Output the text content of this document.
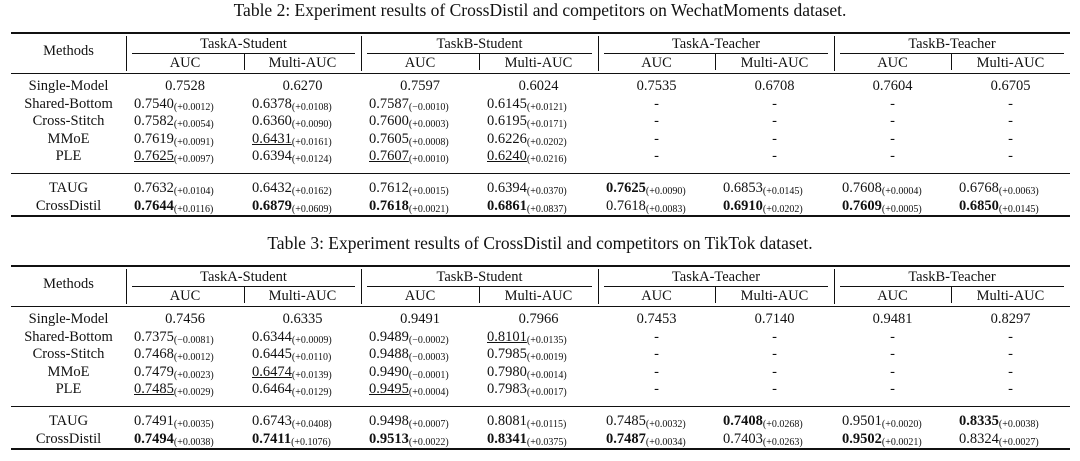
Table 2: Experiment results of CrossDistil and competitors on WechatMoments dataset.
Methods	TaskA-Student	TaskB-Student	TaskA-Teacher	TaskB-Teacher
AUC	Multi-AUC	AUC	Multi-AUC	AUC	Multi-AUC	AUC	Multi-AUC
Single-Model	0.7528	0.6270	0.7597	0.6024	0.7535	0.6708	0.7604	0.6705
Shared-Bottom	$0.7540_{(+0.0012)}$	$0.6378_{(+0.0108)}$	$0.7587_{(-0.0010)}$	$0.6145_{(+0.0121)}$	-	-	-	-
Cross-Stitch	$0.7582_{(+0.0054)}$	$0.6360_{(+0.0090)}$	$0.7600_{(+0.0003)}$	$0.6195_{(+0.0171)}$	-	-	-	-
MMoE	$0.7619_{(+0.0091)}$	$0.6431_{(+0.0161)}$	$0.7605_{(+0.0008)}$	$0.6226_{(+0.0202)}$	-	-	-	-
PLE	$0.7625_{(+0.0097)}$	$0.6394_{(+0.0124)}$	$0.7607_{(+0.0010)}$	$0.6240_{(+0.0216)}$	-	-	-	-
TAUG	$0.7632_{(+0.0104)}$	$0.6432_{(+0.0162)}$	$0.7612_{(+0.0015)}$	$0.6394_{(+0.0370)}$	$0.7625_{(+0.0090)}$	$0.6853_{(+0.0145)}$	$0.7608_{(+0.0004)}$	$0.6768_{(+0.0063)}$
CrossDistil	$0.7644_{(+0.0116)}$	$0.6879_{(+0.0609)}$	$0.7618_{(+0.0021)}$	$0.6861_{(+0.0837)}$	$0.7618_{(+0.0083)}$	$0.6910_{(+0.0202)}$	$0.7609_{(+0.0005)}$	$0.6850_{(+0.0145)}$
Table 3: Experiment results of CrossDistil and competitors on TikTok dataset.
Methods	TaskA-Student	TaskB-Student	TaskA-Teacher	TaskB-Teacher
AUC	Multi-AUC	AUC	Multi-AUC	AUC	Multi-AUC	AUC	Multi-AUC
Single-Model	0.7456	0.6335	0.9491	0.7966	0.7453	0.7140	0.9481	0.8297
Shared-Bottom	$0.7375_{(-0.0081)}$	$0.6344_{(+0.0009)}$	$0.9489_{(-0.0002)}$	$0.8101_{(+0.0135)}$	-	-	-	-
Cross-Stitch	$0.7468_{(+0.0012)}$	$0.6445_{(+0.0110)}$	$0.9488_{(-0.0003)}$	$0.7985_{(+0.0019)}$	-	-	-	-
MMoE	$0.7479_{(+0.0023)}$	$0.6474_{(+0.0139)}$	$0.9490_{(-0.0001)}$	$0.7980_{(+0.0014)}$	-	-	-	-
PLE	$0.7485_{(+0.0029)}$	$0.6464_{(+0.0129)}$	$0.9495_{(+0.0004)}$	$0.7983_{(+0.0017)}$	-	-	-	-
TAUG	$0.7491_{(+0.0035)}$	$0.6743_{(+0.0408)}$	$0.9498_{(+0.0007)}$	$0.8081_{(+0.0115)}$	$0.7485_{(+0.0032)}$	$0.7408_{(+0.0268)}$	$0.9501_{(+0.0020)}$	$0.8335_{(+0.0038)}$
CrossDistil	$0.7494_{(+0.0038)}$	$0.7411_{(+0.1076)}$	$0.9513_{(+0.0022)}$	$0.8341_{(+0.0375)}$	$0.7487_{(+0.0034)}$	$0.7403_{(+0.0263)}$	$0.9502_{(+0.0021)}$	$0.8324_{(+0.0027)}$
